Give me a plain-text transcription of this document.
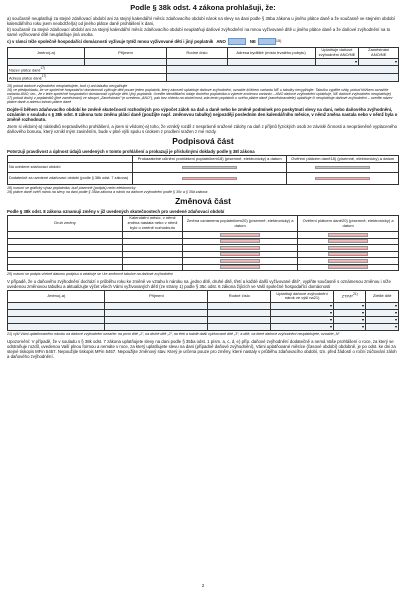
Podle § 38k odst. 4 zákona prohlašuji, že:
a) současně neuplatňuji za stejné zdaňovací období ani za stejný kalendářní měsíc zdaňovacího období nárok na slevy na dani podle § 35ba zákona u jiného plátce daně a že současně ve stejném období kalendářního roku jsem neobdržel(a) od jiného plátce daně prohlášení k dani,
b) současně za stejné zdaňovací období ani za stejný kalendářní měsíc zdaňovacího období neuplatňuji daňové zvýhodnění na mnou vyživované dítě u jiného plátce daně a že daňové zvýhodnění na to samé vyživované dítě neuplatňuje jiná osoba.
c) v rámci téže společně hospodařící domácnosti vyživuje tytéž mnou vyživované děti i jiný poplatník ANO	NE	15)
Jméno(-a)	Příjmení	Rodné číslo	Adresa bydliště (místo trvalého pobytu)	Uplatňuje daňové zvýhodnění ANO/NE	Zaměstnání ANO/NE

Název plátce daně$^{17)}$	
Adresa plátce daně$^{17)}$	
15) pokud daňové zvýhodnění neuplatňujete, bod c) ani tabulku nevyplňujte
16) ve předpokladu, že ve společné hospodařící domácnosti vyživuje děti pouze jeden poplatník, který zároveň uplatňuje daňové zvýhodnění, označte křížkem variantu NE u tabulky nevyplňujte. Tabulku vyplňte vždy, pokud křížkem označíte variantu ANO, tzn., že v téže společně hospodařící domácnosti vyživuje děti i jiný poplatník. Uveďte identifikační údaje druhého poplatníka a vyberte zvolenou variantu – ANO daňové zvýhodnění uplatňuje, NE daňové zvýhodnění neuplatňuje)
17) pokud druhý z poplatníků (jiné zaměstnání) ve sloupci „Zaměstnání“ je uvedeno „ANO“), pak bez ohledu na skutečnost, zda tento poplatník u svého plátce daně (zaměstnavatele) uplatňuje či neuplatňuje daňové zvýhodnění – uveďte název plátce daně a adresu tohoto plátce daně
Dojde-li během zdaňovacího období ke změně skutečností rozhodných pro výpočet záloh na daň a daně nebo ke změně podmínek pro poskytnutí slevy na dani, nebo daňového zvýhodnění, oznámím v souladu s § 38k odst. 8 zákona tuto změnu plátci daně (použijte např. změnovou tabulky) nejpozději posledním den kalendářního měsíce, v němž změna nastala nebo v němž byla o změně rozhodnuto.
Jsem si vědom(-a) následků nepravdivého prohlášení, a jsem si vědom(-a) toho, že vzniklý rozdíl z nesprávně sražené zálohy na daň z příjmů fyzických osob ze závislé činnosti a neoprávněně vyplaceného daňového bonusu, který vznikl mým zaviněním, bude v plné výši spolu s úrokem z prodlení sražen z mé mzdy.
Podpisová část
Potvrzuji pravdivost a úplnost údajů uvedených v tomto prohlášení a prokazuji je příslušnými doklady podle § 38l zákona
	Prokazatelné učinění prohlášení poplatníkem18) (písemně, elektronicky) a datum	Ověření plátcem daně18) (písemně, elektronicky) a datum
Na uvedené zdaňovací období	

Dodatečně za uvedené zdaňovací období (podle § 38k odst. 7 zákona)	

18) rozumí se grafický výraz poplatníka, buď písemně (podpis) nebo elektronicky
19) plátce daně ověří nárok na slevy na dani podle § 35ba zákona a nárok na daňové zvýhodnění podle § 35c a § 35d zákona
Změnová část
Podle § 38k odst. 8 zákona oznamuji změny v již uvedených skutečnostech pro uvedené zdaňovací období
Druh změny	Kalendářní měsíc, v němž změna nastala nebo v němž bylo o změně rozhodnuto	Změna oznámena poplatníkem20) (písemně, elektronicky) a datum	Ověření plátcem daně20) (písemně, elektronicky) a datum

20) rozumí se podpis včetně datumu podpisu a vztahuje se i ke změnové tabulce na daňové zvýhodnění
V případě, že u daňového zvýhodnění dochází v průběhu roku ke změně ve vztahu k nároku na „jedno dítě, druhé dítě, třetí a každé další vyživované dítě“, vyplňte současně s oznámenou změnou i níže uvedenou změnovou tabulku a aktualizujte výčet všech Vámi vyživovaných dětí (ze strany 1) podle § 35c odst. 6 zákona žijících ve Vaší společné hospodařící domácnosti
Jméno(-a)	Příjmení	Rodné číslo	Uplatňuji daňové zvýhodnění nárok ve výši na21)	ZTP/$P^{21)}$	Zletilé dítě

21) výši Vámi uplatňovaného nároku na daňové zvýhodnění označte: na první dítě „1“, na druhé dítě „2“, na třetí a každé další vyživované dítě „3“, a dítě, na které daňové zvýhodnění neuplatňujete, označte „N“
Upozornění: V případě, že v souladu s § 38k odst. 7 zákona uplatňujete slevy na dani podle § 35ba odst. 1 písm. a, c, d, e) příp. daňové zvýhodnění dodatečně a nemá Vaše prohlášení o roce, za který se odstraňuje rozdíl, uvedenou Vaší plnou formou a nemáte v roce, za který uplatňujete slevu na dani (případně daňové zvýhodnění), Vámi uplatňované měsíce (časové období) obdobně, je po odst. ke dni za stejné tiskopis MFin 5457. Nepoužijte tiskopis MFin 5457. Nepoužijte změnový stav. Který je určena pouze pro změny, které nastaly v průběhu zdaňovacího období, tzn. před žádostí o roční zúčtování záloh a daňového zvýhodnění.
2
